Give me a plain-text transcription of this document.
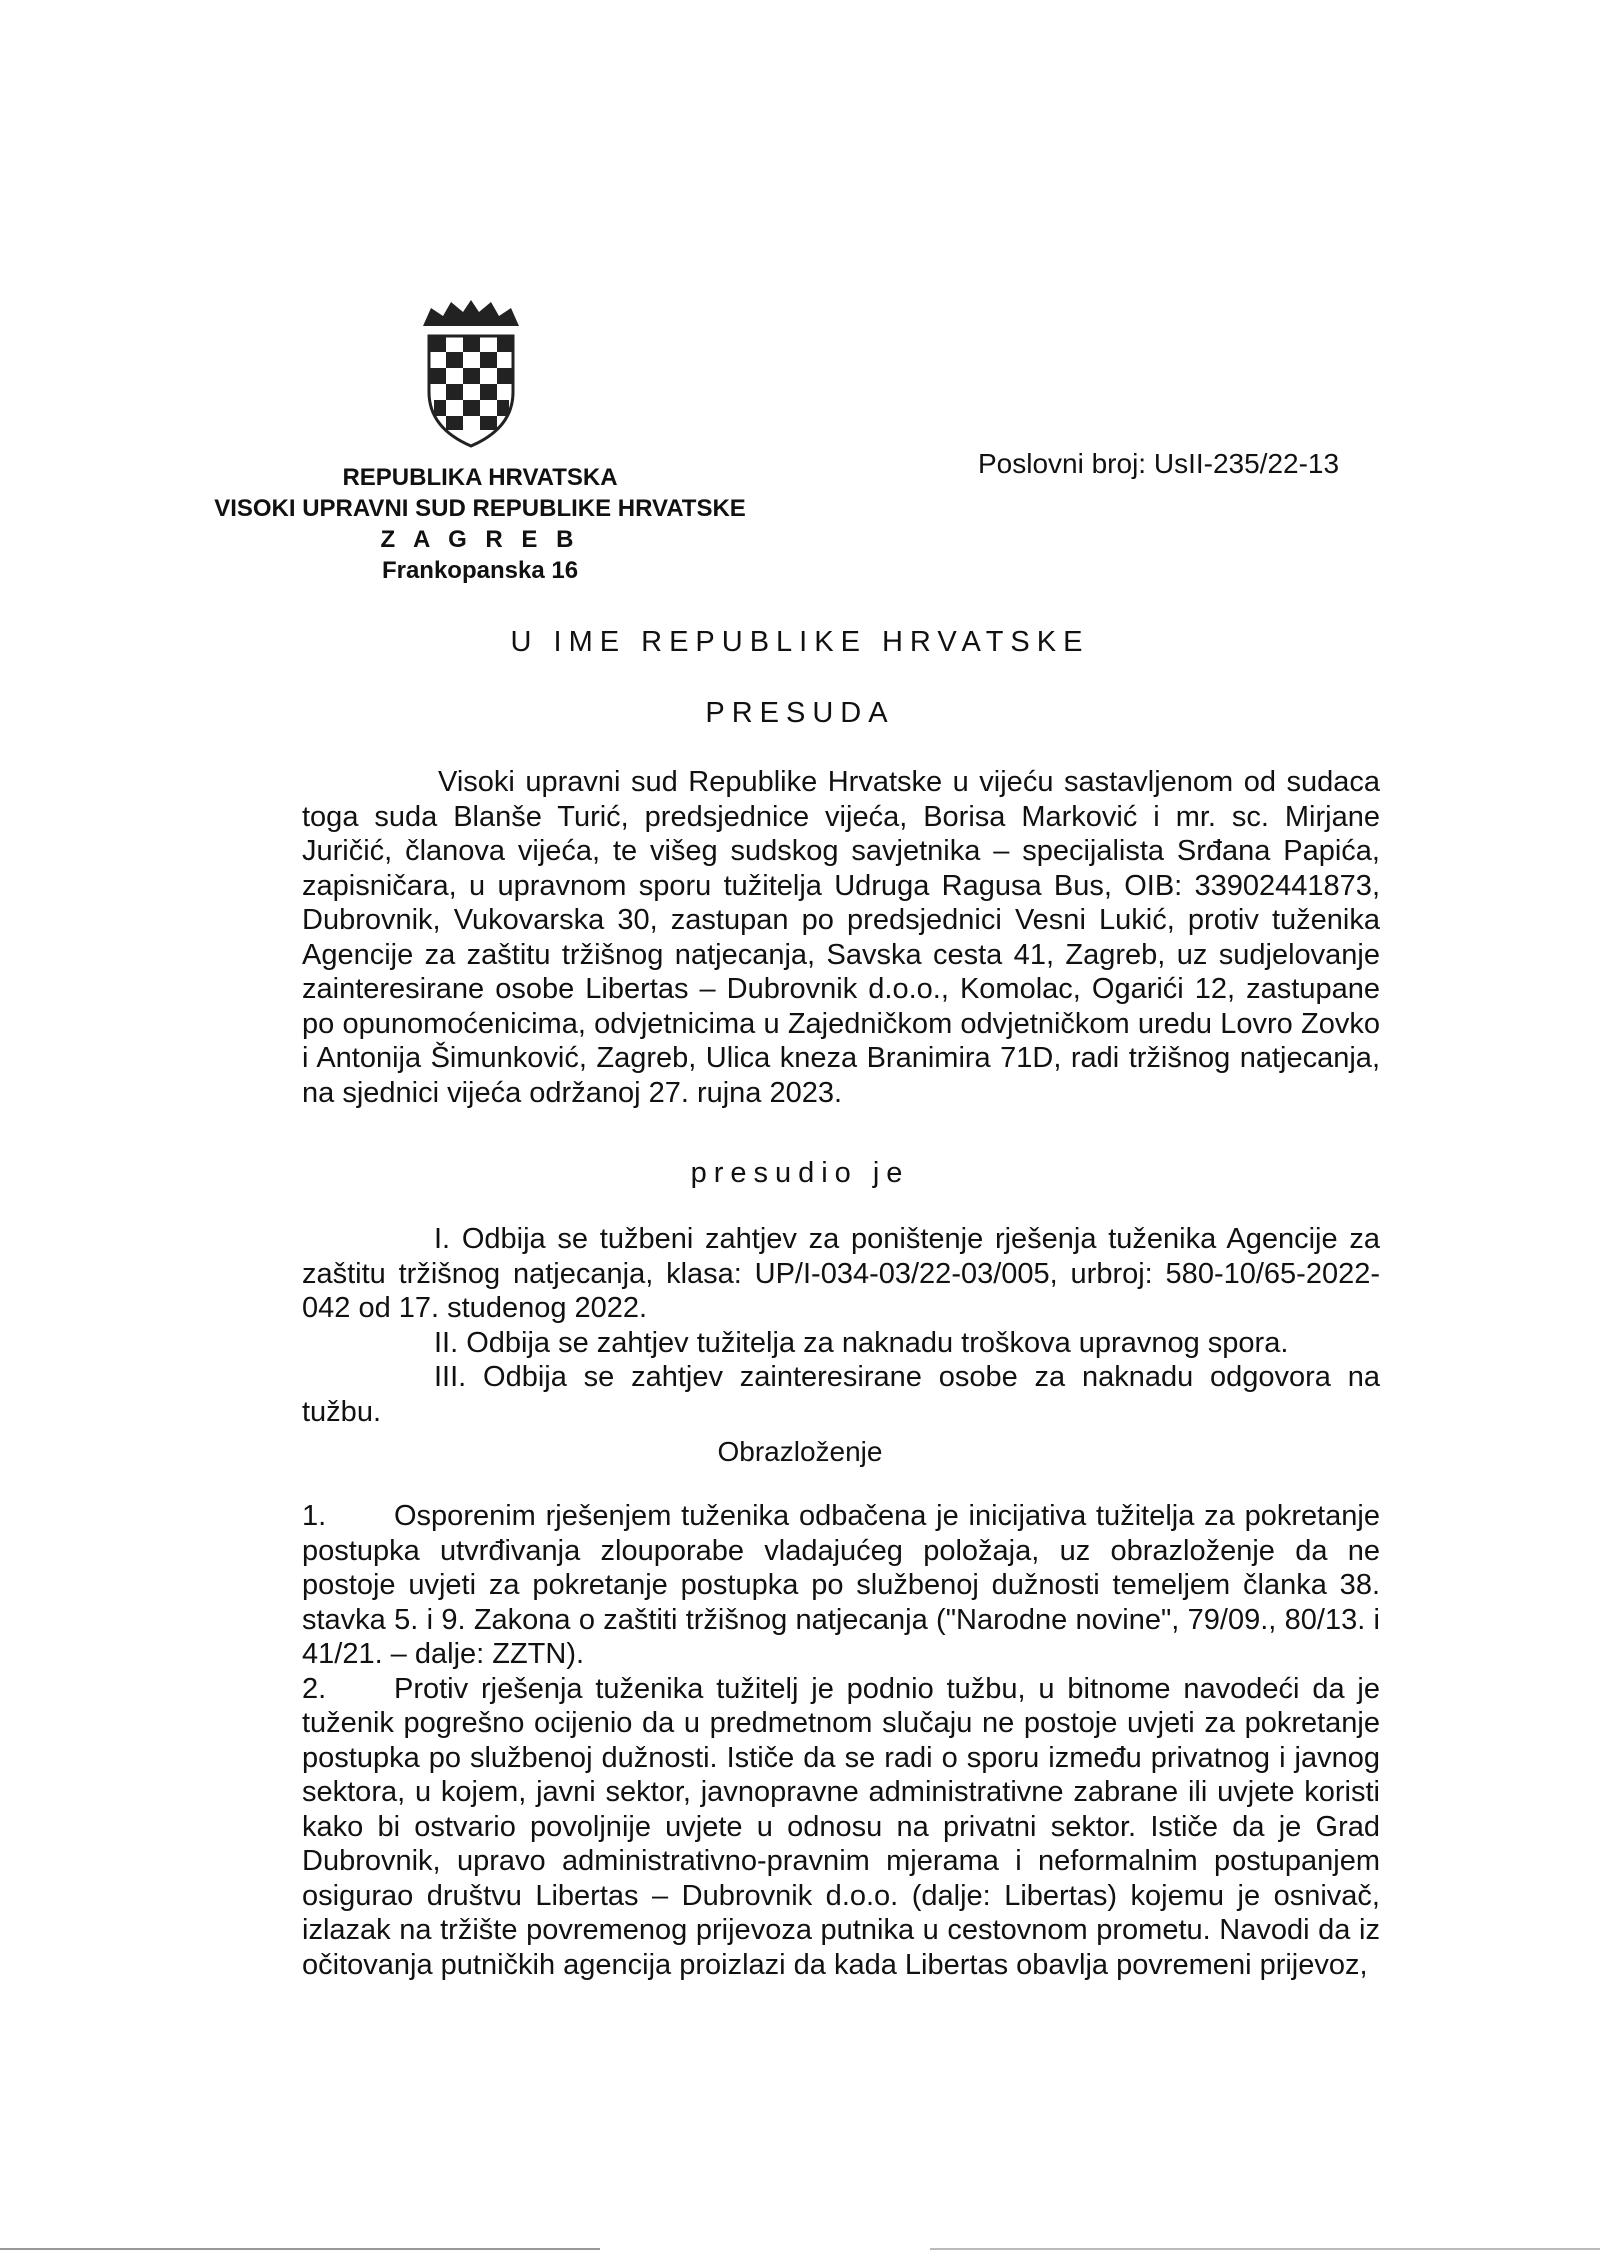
REPUBLIKA HRVATSKA
VISOKI UPRAVNI SUD REPUBLIKE HRVATSKE
Z A G R E B
Frankopanska 16
Poslovni broj: UsII-235/22-13
U IME REPUBLIKE HRVATSKE
PRESUDA

Visoki upravni sud Republike Hrvatske u vijeću sastavljenom od sudaca toga suda Blanše Turić, predsjednice vijeća, Borisa Marković i mr. sc. Mirjane Juričić, članova vijeća, te višeg sudskog savjetnika – specijalista Srđana Papića, zapisničara, u upravnom sporu tužitelja Udruga Ragusa Bus, OIB: 33902441873, Dubrovnik, Vukovarska 30, zastupan po predsjednici Vesni Lukić, protiv tuženika Agencije za zaštitu tržišnog natjecanja, Savska cesta 41, Zagreb, uz sudjelovanje zainteresirane osobe Libertas – Dubrovnik d.o.o., Komolac, Ogarići 12, zastupane po opunomoćenicima, odvjetnicima u Zajedničkom odvjetničkom uredu Lovro Zovko i Antonija Šimunković, Zagreb, Ulica kneza Branimira 71D, radi tržišnog natjecanja, na sjednici vijeća održanoj 27. rujna 2023.

presudio je

I. Odbija se tužbeni zahtjev za poništenje rješenja tuženika Agencije za zaštitu tržišnog natjecanja, klasa: UP/I-034-03/22-03/005, urbroj: 580-10/65-2022-042 od 17. studenog 2022.

II. Odbija se zahtjev tužitelja za naknadu troškova upravnog spora.

III. Odbija se zahtjev zainteresirane osobe za naknadu odgovora na tužbu.

Obrazloženje

1. Osporenim rješenjem tuženika odbačena je inicijativa tužitelja za pokretanje postupka utvrđivanja zlouporabe vladajućeg položaja, uz obrazloženje da ne postoje uvjeti za pokretanje postupka po službenoj dužnosti temeljem članka 38. stavka 5. i 9. Zakona o zaštiti tržišnog natjecanja ("Narodne novine", 79/09., 80/13. i 41/21. – dalje: ZZTN).

2. Protiv rješenja tuženika tužitelj je podnio tužbu, u bitnome navodeći da je tuženik pogrešno ocijenio da u predmetnom slučaju ne postoje uvjeti za pokretanje postupka po službenoj dužnosti. Ističe da se radi o sporu između privatnog i javnog sektora, u kojem, javni sektor, javnopravne administrativne zabrane ili uvjete koristi kako bi ostvario povoljnije uvjete u odnosu na privatni sektor. Ističe da je Grad Dubrovnik, upravo administrativno-pravnim mjerama i neformalnim postupanjem osigurao društvu Libertas – Dubrovnik d.o.o. (dalje: Libertas) kojemu je osnivač, izlazak na tržište povremenog prijevoza putnika u cestovnom prometu. Navodi da iz očitovanja putničkih agencija proizlazi da kada Libertas obavlja povremeni prijevoz,
